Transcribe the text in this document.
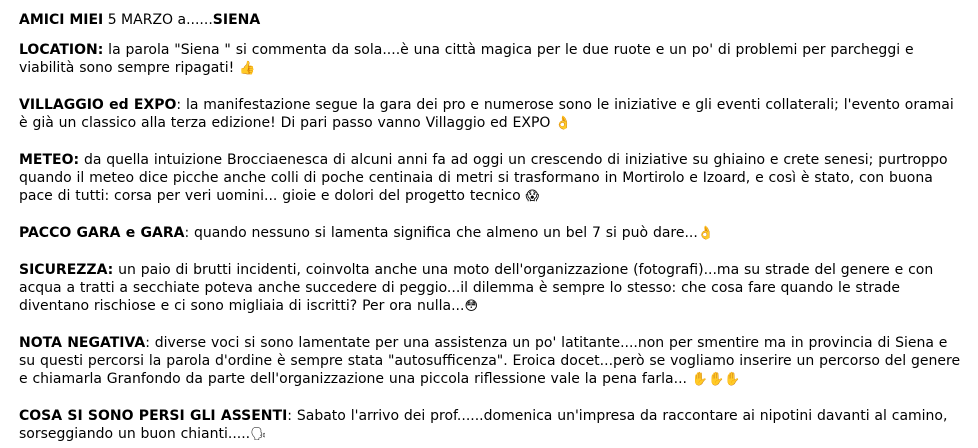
AMICI MIEI 5 MARZO a......SIENA
LOCATION: la parola "Siena " si commenta da sola....è una città magica per le due ruote e un po' di problemi per parcheggi e viabilità sono sempre ripagati! 👍
VILLAGGIO ed EXPO: la manifestazione segue la gara dei pro e numerose sono le iniziative e gli eventi collaterali; l'evento oramai è già un classico alla terza edizione! Di pari passo vanno Villaggio ed EXPO 👌
METEO: da quella intuizione Brocciaenesca di alcuni anni fa ad oggi un crescendo di iniziative su ghiaino e crete senesi; purtroppo quando il meteo dice picche anche colli di poche centinaia di metri si trasformano in Mortirolo e Izoard, e così è stato, con buona pace di tutti: corsa per veri uomini... gioie e dolori del progetto tecnico 😱
PACCO GARA e GARA: quando nessuno si lamenta significa che almeno un bel 7 si può dare...👌
SICUREZZA: un paio di brutti incidenti, coinvolta anche una moto dell'organizzazione (fotografi)...ma su strade del genere e con acqua a tratti a secchiate poteva anche succedere di peggio...il dilemma è sempre lo stesso: che cosa fare quando le strade diventano rischiose e ci sono migliaia di iscritti? Per ora nulla...😳
NOTA NEGATIVA: diverse voci si sono lamentate per una assistenza un po' latitante....non per smentire ma in provincia di Siena e su questi percorsi la parola d'ordine è sempre stata "autosufficenza". Eroica docet...però se vogliamo inserire un percorso del genere e chiamarla Granfondo da parte dell'organizzazione una piccola riflessione vale la pena farla... ✋✋✋
COSA SI SONO PERSI GLI ASSENTI: Sabato l'arrivo dei prof......domenica un'impresa da raccontare ai nipotini davanti al camino, sorseggiando un buon chianti.....🗣
